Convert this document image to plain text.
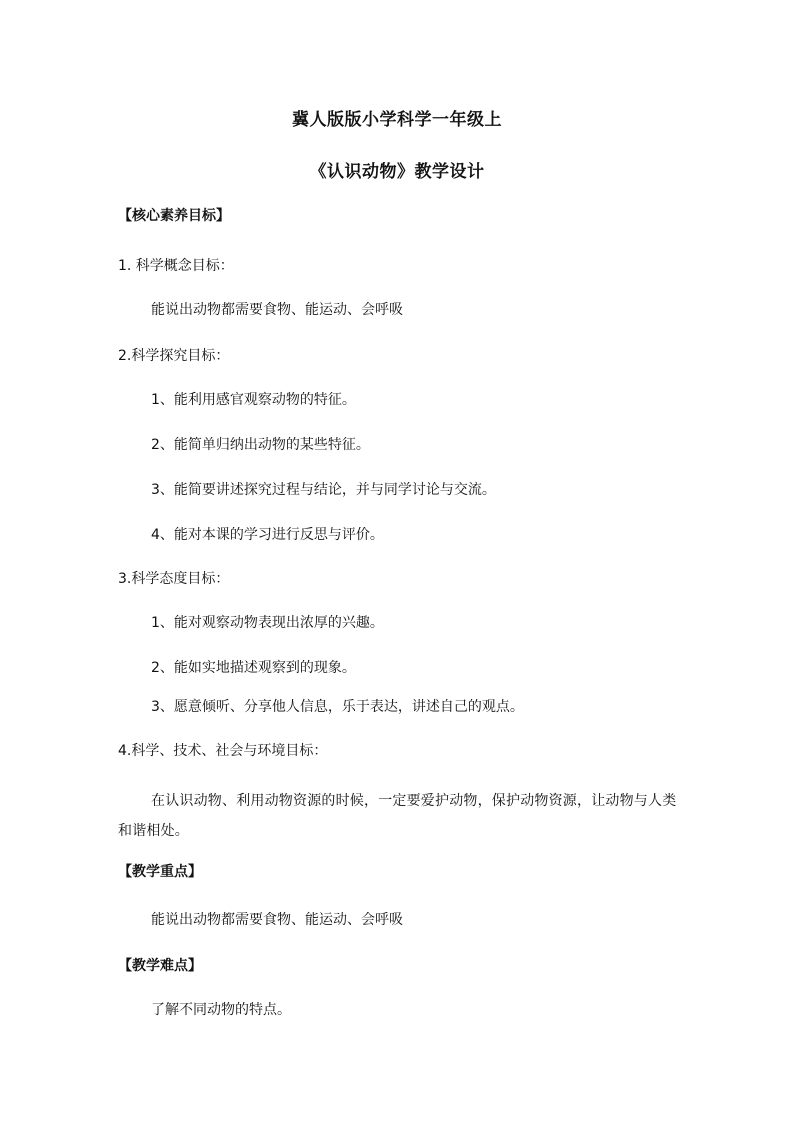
冀人版版小学科学一年级上
《认识动物》教学设计
【核心素养目标】
1. 科学概念目标：
能说出动物都需要食物、能运动、会呼吸
2.科学探究目标：
1、能利用感官观察动物的特征。
2、能简单归纳出动物的某些特征。
3、能简要讲述探究过程与结论，并与同学讨论与交流。
4、能对本课的学习进行反思与评价。
3.科学态度目标：
1、能对观察动物表现出浓厚的兴趣。
2、能如实地描述观察到的现象。
3、愿意倾听、分享他人信息，乐于表达，讲述自己的观点。
4.科学、技术、社会与环境目标：
在认识动物、利用动物资源的时候，一定要爱护动物，保护动物资源，让动物与人类和谐相处。
【教学重点】
能说出动物都需要食物、能运动、会呼吸
【教学难点】
了解不同动物的特点。
